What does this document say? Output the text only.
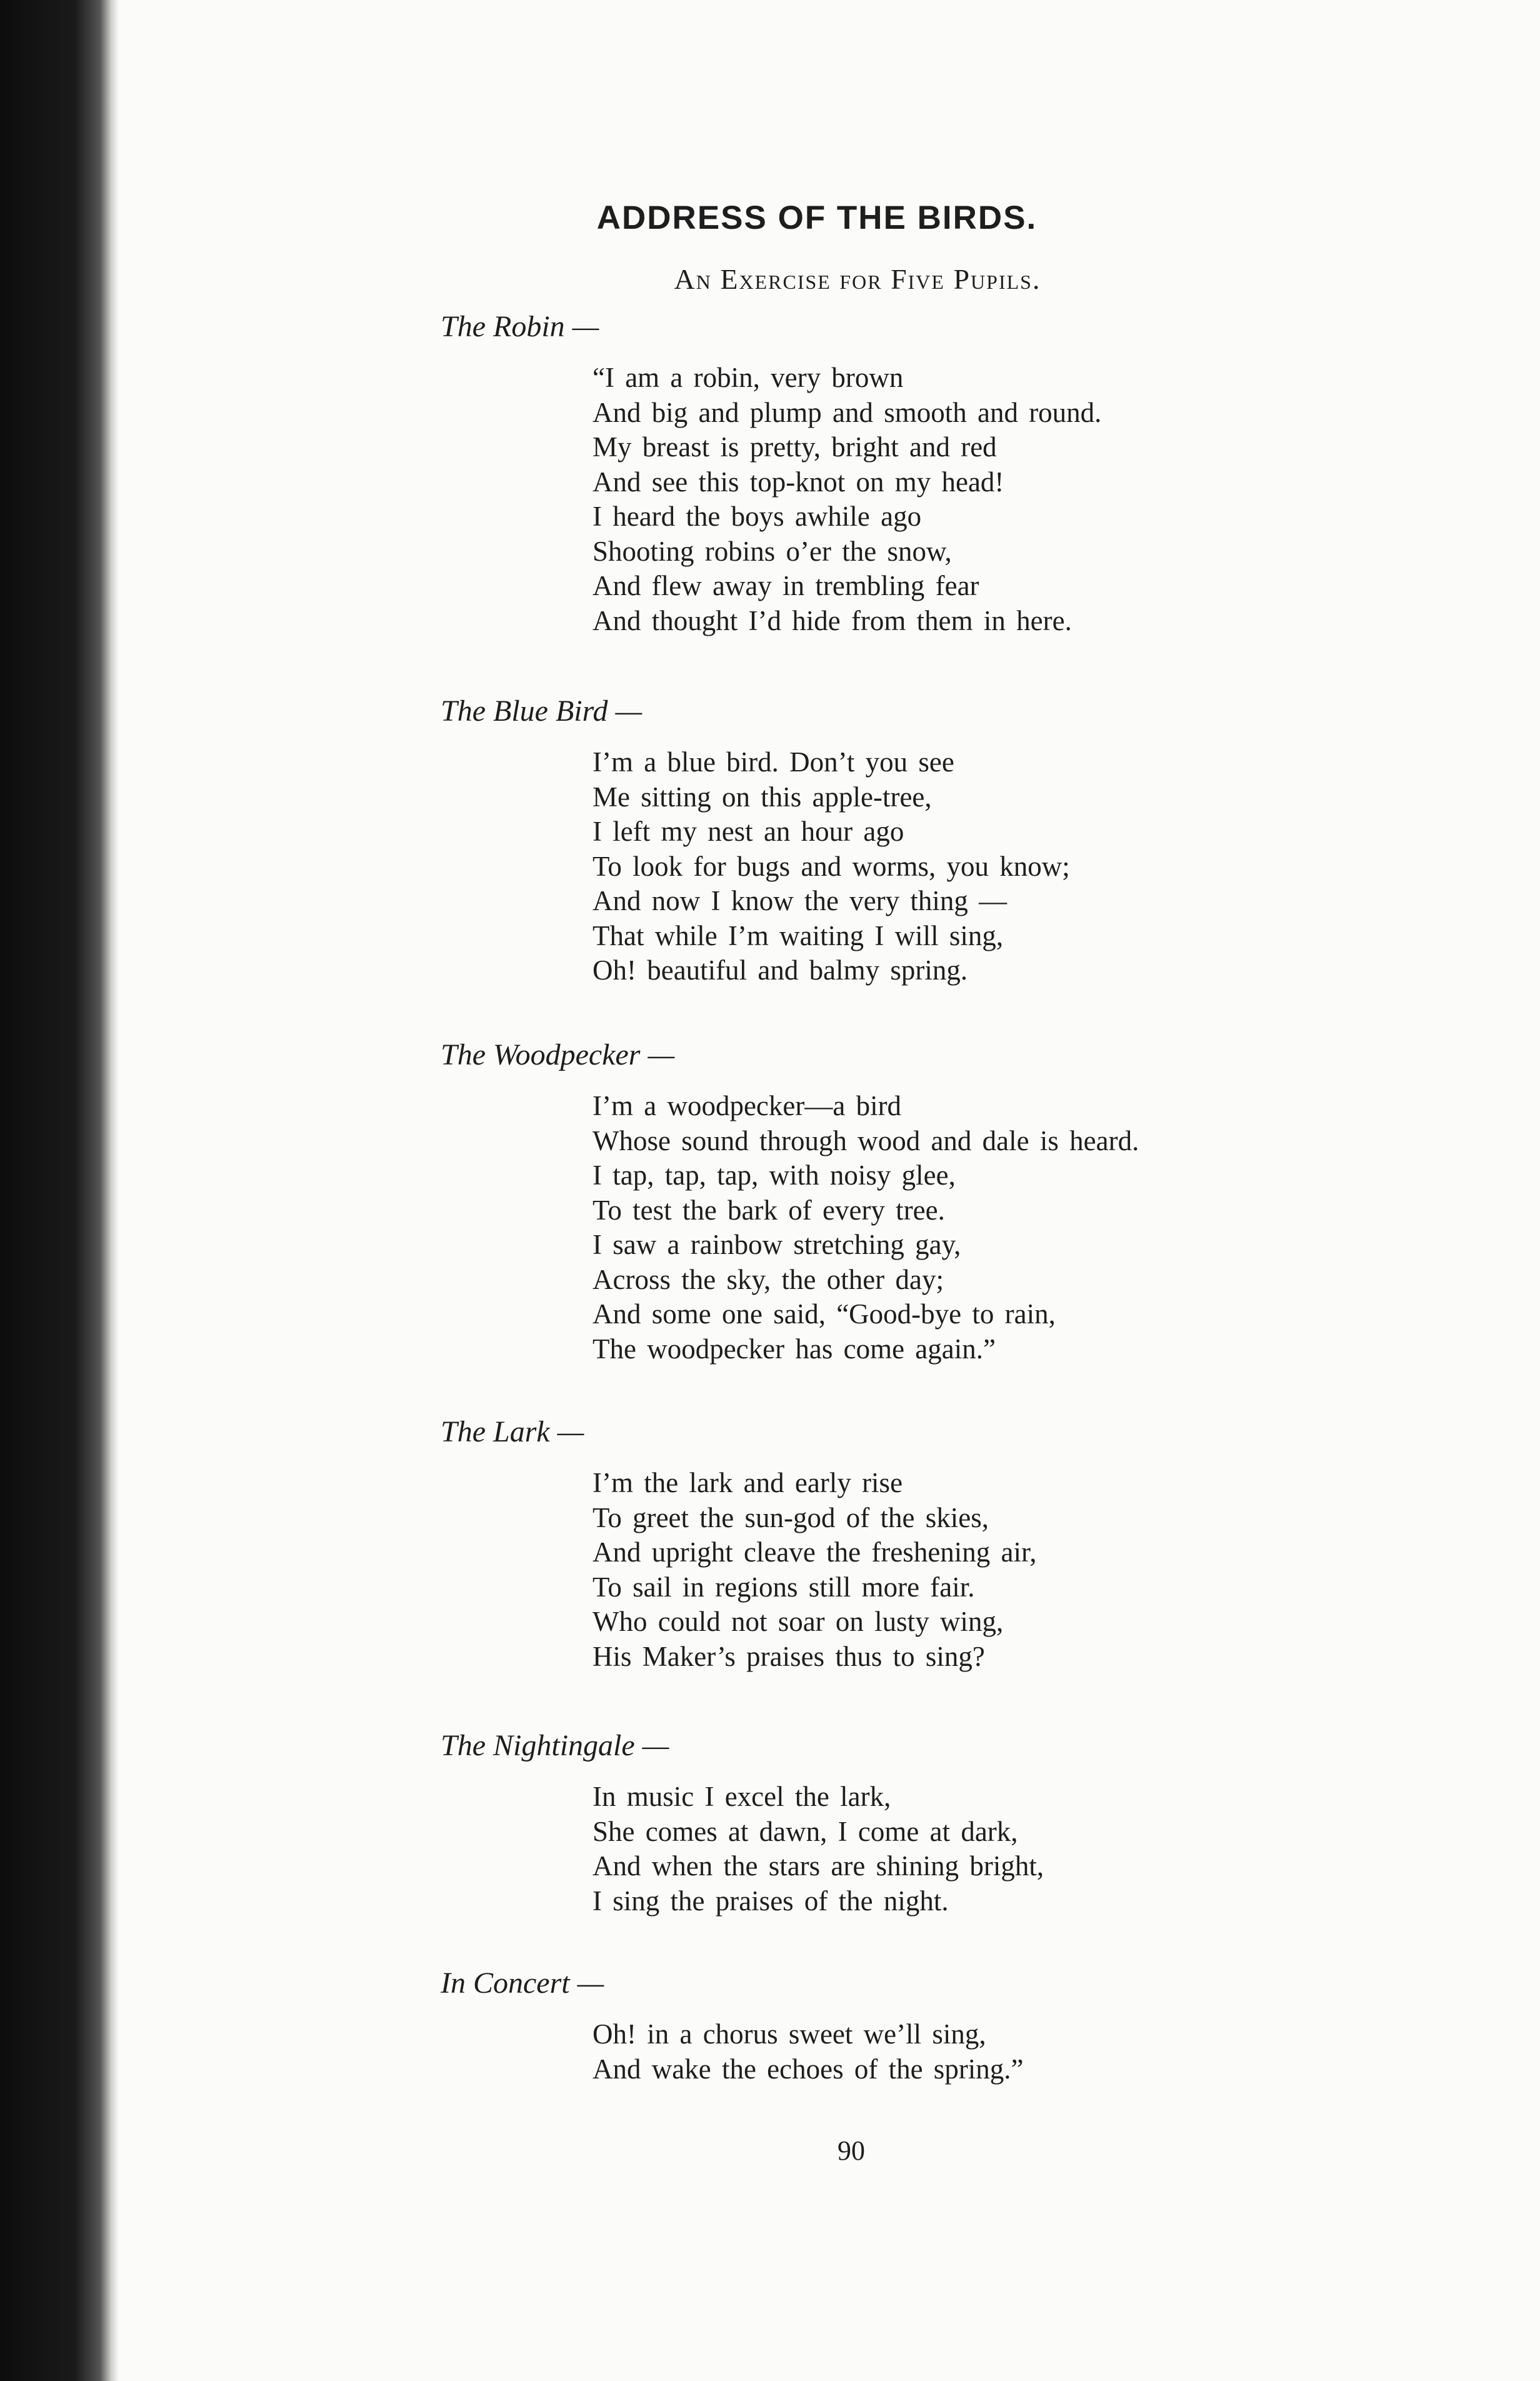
ADDRESS OF THE BIRDS.
An Exercise for Five Pupils.
The Robin —
“I am a robin, very brown
And big and plump and smooth and round.
My breast is pretty, bright and red
And see this top-knot on my head!
I heard the boys awhile ago
Shooting robins o’er the snow,
And flew away in trembling fear
And thought I’d hide from them in here.
The Blue Bird —
I’m a blue bird. Don’t you see
Me sitting on this apple-tree,
I left my nest an hour ago
To look for bugs and worms, you know;
And now I know the very thing —
That while I’m waiting I will sing,
Oh! beautiful and balmy spring.
The Woodpecker —
I’m a woodpecker—a bird
Whose sound through wood and dale is heard.
I tap, tap, tap, with noisy glee,
To test the bark of every tree.
I saw a rainbow stretching gay,
Across the sky, the other day;
And some one said, “Good-bye to rain,
The woodpecker has come again.”
The Lark —
I’m the lark and early rise
To greet the sun-god of the skies,
And upright cleave the freshening air,
To sail in regions still more fair.
Who could not soar on lusty wing,
His Maker’s praises thus to sing?
The Nightingale —
In music I excel the lark,
She comes at dawn, I come at dark,
And when the stars are shining bright,
I sing the praises of the night.
In Concert —
Oh! in a chorus sweet we’ll sing,
And wake the echoes of the spring.”
90
